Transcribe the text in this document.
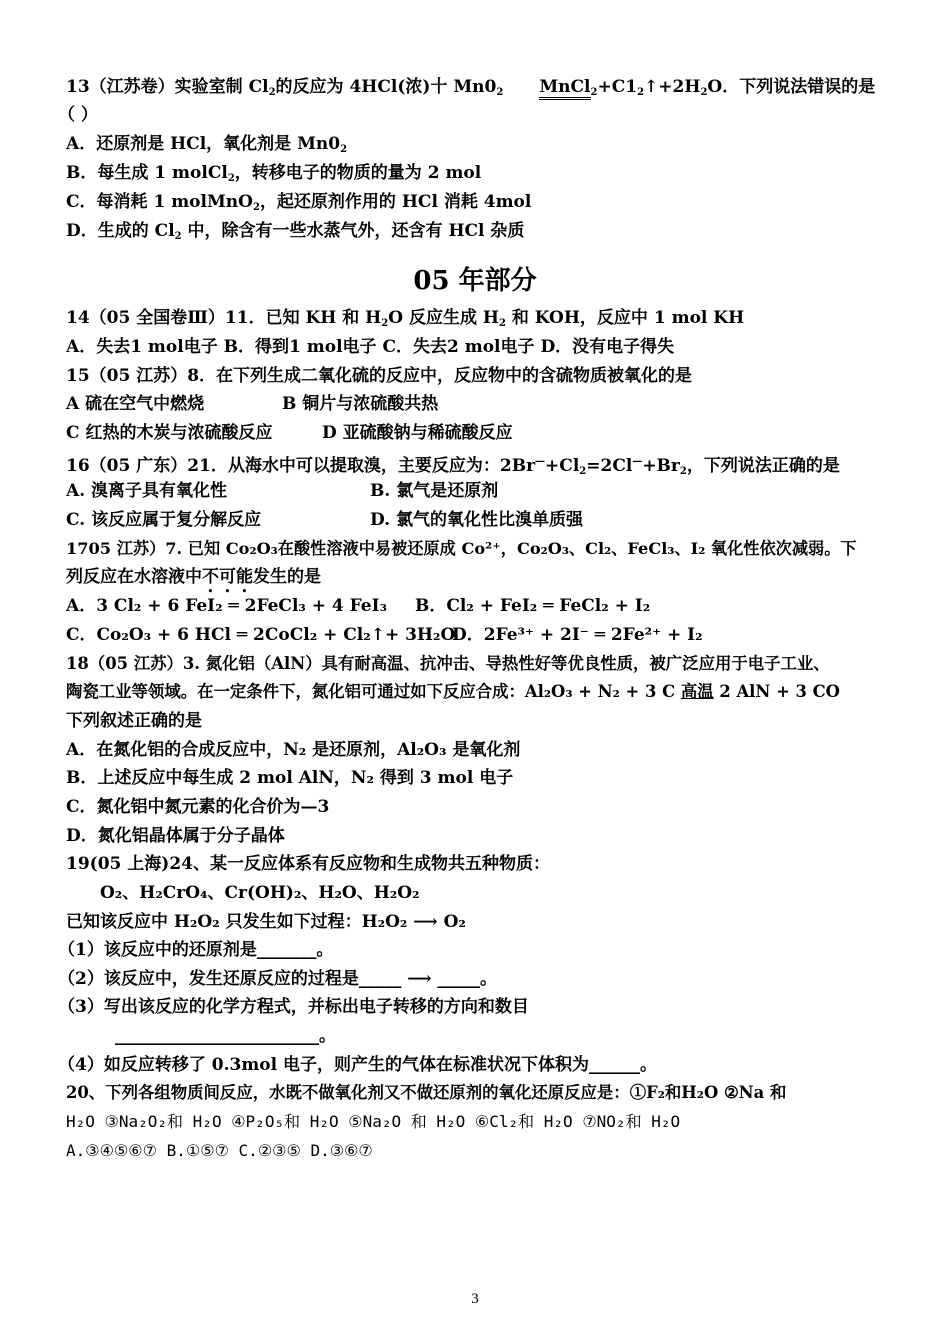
13（江苏卷）实验室制 $Cl_2$的反应为 4HCl(浓)十 $Mn0_2$ $MnCl_2+C1_2↑+2H_2O$．下列说法错误的是
（ ）
A．还原剂是 HCl，氧化剂是 $Mn0_2$
B．每生成 1 molCl$_2$，转移电子的物质的量为 2 mol
C．每消耗 1 molMnO$_2$，起还原剂作用的 HCl 消耗 4mol
D．生成的 $Cl_2$ 中，除含有一些水蒸气外，还含有 HCl 杂质
05 年部分
14（05 全国卷Ⅲ）11．已知 KH 和 $H_2O$ 反应生成 $H_2$ 和 KOH，反应中 1 mol KH
A．失去1 mol电子 B．得到1 mol电子 C．失去2 mol电子 D．没有电子得失
15（05 江苏）8．在下列生成二氧化硫的反应中，反应物中的含硫物质被氧化的是
A 硫在空气中燃烧	B 铜片与浓硫酸共热
C 红热的木炭与浓硫酸反应	D 亚硫酸钠与稀硫酸反应
16（05 广东）21．从海水中可以提取溴，主要反应为：$2Br^—+Cl_2=2Cl^—+Br_2$，下列说法正确的是
A. 溴离子具有氧化性	B. 氯气是还原剂
C. 该反应属于复分解反应	D. 氯气的氧化性比溴单质强
1705 江苏）7. 已知 Co₂O₃在酸性溶液中易被还原成 Co²⁺，Co₂O₃、Cl₂、FeCl₃、I₂ 氧化性依次减弱。下
列反应在水溶液中不可能发生的是
A．3 Cl₂ + 6 FeI₂ ═ 2FeCl₃ + 4 FeI₃ B．Cl₂ + FeI₂ ═ FeCl₂ + I₂
C．Co₂O₃ + 6 HCl ═ 2CoCl₂ + Cl₂↑+ 3H₂O
D．2Fe³⁺ + 2I⁻ ═ 2Fe²⁺ + I₂
18（05 江苏）3. 氮化铝（AlN）具有耐高温、抗冲击、导热性好等优良性质，被广泛应用于电子工业、
陶瓷工业等领域。在一定条件下，氮化铝可通过如下反应合成：Al₂O₃ + N₂ + 3 C 高温 2 AlN + 3 CO
下列叙述正确的是
A．在氮化铝的合成反应中，N₂ 是还原剂，Al₂O₃ 是氧化剂
B．上述反应中每生成 2 mol AlN，N₂ 得到 3 mol 电子
C．氮化铝中氮元素的化合价为—3
D．氮化铝晶体属于分子晶体
19(05 上海)24、某一反应体系有反应物和生成物共五种物质：
O₂、H₂CrO₄、Cr(OH)₂、H₂O、H₂O₂
已知该反应中 H₂O₂ 只发生如下过程：H₂O₂ ⟶ O₂
（1）该反应中的还原剂是_______。
（2）该反应中，发生还原反应的过程是_____ ⟶ _____。
（3）写出该反应的化学方程式，并标出电子转移的方向和数目
________________________。
（4）如反应转移了 0.3mol 电子，则产生的气体在标准状况下体积为______。
20、下列各组物质间反应，水既不做氧化剂又不做还原剂的氧化还原反应是：①F₂和H₂O ②Na 和
H₂O ③Na₂O₂和 H₂O ④P₂O₅和 H₂O ⑤Na₂O 和 H₂O ⑥Cl₂和 H₂O ⑦NO₂和 H₂O
A.③④⑤⑥⑦ B.①⑤⑦ C.②③⑤ D.③⑥⑦
3
